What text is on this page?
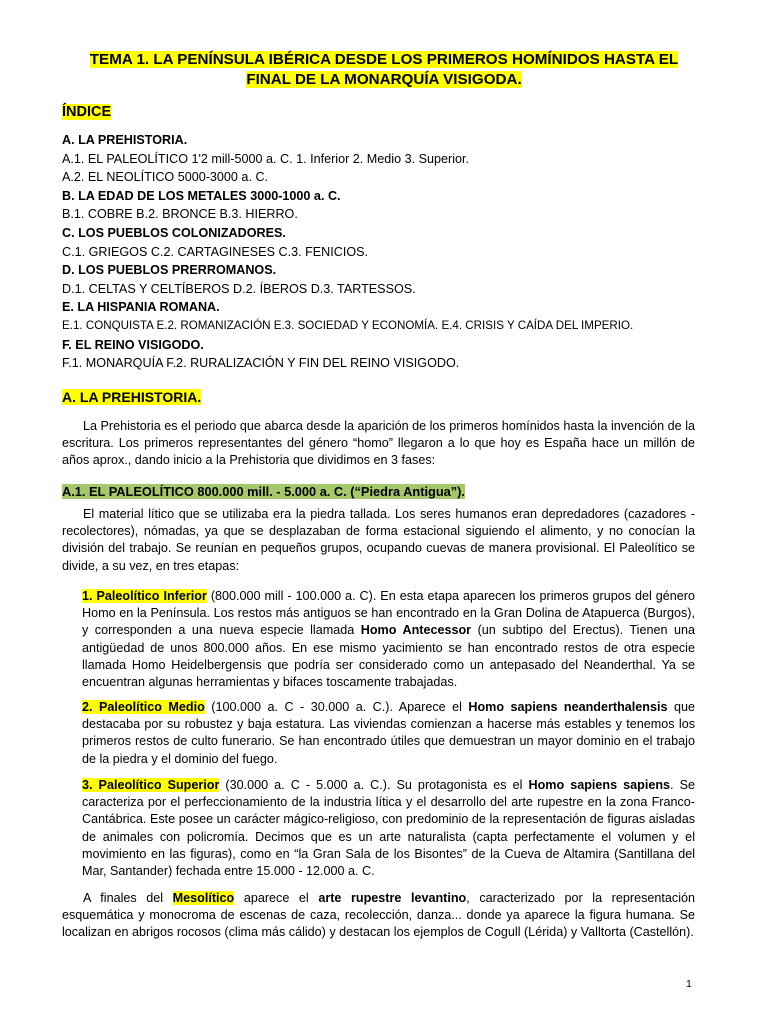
TEMA 1. LA PENÍNSULA IBÉRICA DESDE LOS PRIMEROS HOMÍNIDOS HASTA EL
FINAL DE LA MONARQUÍA VISIGODA.
ÍNDICE
A. LA PREHISTORIA.
A.1. EL PALEOLÍTICO 1'2 mill-5000 a. C. 1. Inferior 2. Medio 3. Superior.
A.2. EL NEOLÍTICO 5000-3000 a. C.
B. LA EDAD DE LOS METALES 3000-1000 a. C.
B.1. COBRE B.2. BRONCE B.3. HIERRO.
C. LOS PUEBLOS COLONIZADORES.
C.1. GRIEGOS C.2. CARTAGINESES C.3. FENICIOS.
D. LOS PUEBLOS PRERROMANOS.
D.1. CELTAS Y CELTÍBEROS D.2. ÍBEROS D.3. TARTESSOS.
E. LA HISPANIA ROMANA.
E.1. CONQUISTA E.2. ROMANIZACIÓN E.3. SOCIEDAD Y ECONOMÍA. E.4. CRISIS Y CAÍDA DEL IMPERIO.
F. EL REINO VISIGODO.
F.1. MONARQUÍA F.2. RURALIZACIÓN Y FIN DEL REINO VISIGODO.
A. LA PREHISTORIA.
La Prehistoria es el periodo que abarca desde la aparición de los primeros homínidos hasta la invención de la escritura. Los primeros representantes del género “homo” llegaron a lo que hoy es España hace un millón de años aprox., dando inicio a la Prehistoria que dividimos en 3 fases:
A.1. EL PALEOLÍTICO 800.000 mill. - 5.000 a. C. (“Piedra Antigua”).
El material lítico que se utilizaba era la piedra tallada. Los seres humanos eran depredadores (cazadores - recolectores), nómadas, ya que se desplazaban de forma estacional siguiendo el alimento, y no conocían la división del trabajo. Se reunían en pequeños grupos, ocupando cuevas de manera provisional. El Paleolítico se divide, a su vez, en tres etapas:
1. Paleolítico Inferior (800.000 mill - 100.000 a. C). En esta etapa aparecen los primeros grupos del género Homo en la Península. Los restos más antiguos se han encontrado en la Gran Dolina de Atapuerca (Burgos), y corresponden a una nueva especie llamada Homo Antecessor (un subtipo del Erectus). Tienen una antigüedad de unos 800.000 años. En ese mismo yacimiento se han encontrado restos de otra especie llamada Homo Heidelbergensis que podría ser considerado como un antepasado del Neanderthal. Ya se encuentran algunas herramientas y bifaces toscamente trabajadas.
2. Paleolítico Medio (100.000 a. C - 30.000 a. C.). Aparece el Homo sapiens neanderthalensis que destacaba por su robustez y baja estatura. Las viviendas comienzan a hacerse más estables y tenemos los primeros restos de culto funerario. Se han encontrado útiles que demuestran un mayor dominio en el trabajo de la piedra y el dominio del fuego.
3. Paleolítico Superior (30.000 a. C - 5.000 a. C.). Su protagonista es el Homo sapiens sapiens. Se caracteriza por el perfeccionamiento de la industria lítica y el desarrollo del arte rupestre en la zona Franco-Cantábrica. Este posee un carácter mágico-religioso, con predominio de la representación de figuras aisladas de animales con policromía. Decimos que es un arte naturalista (capta perfectamente el volumen y el movimiento en las figuras), como en “la Gran Sala de los Bisontes” de la Cueva de Altamira (Santillana del Mar, Santander) fechada entre 15.000 - 12.000 a. C.
A finales del Mesolítico aparece el arte rupestre levantino, caracterizado por la representación esquemática y monocroma de escenas de caza, recolección, danza... donde ya aparece la figura humana. Se localizan en abrigos rocosos (clima más cálido) y destacan los ejemplos de Cogull (Lérida) y Valltorta (Castellón).
1
